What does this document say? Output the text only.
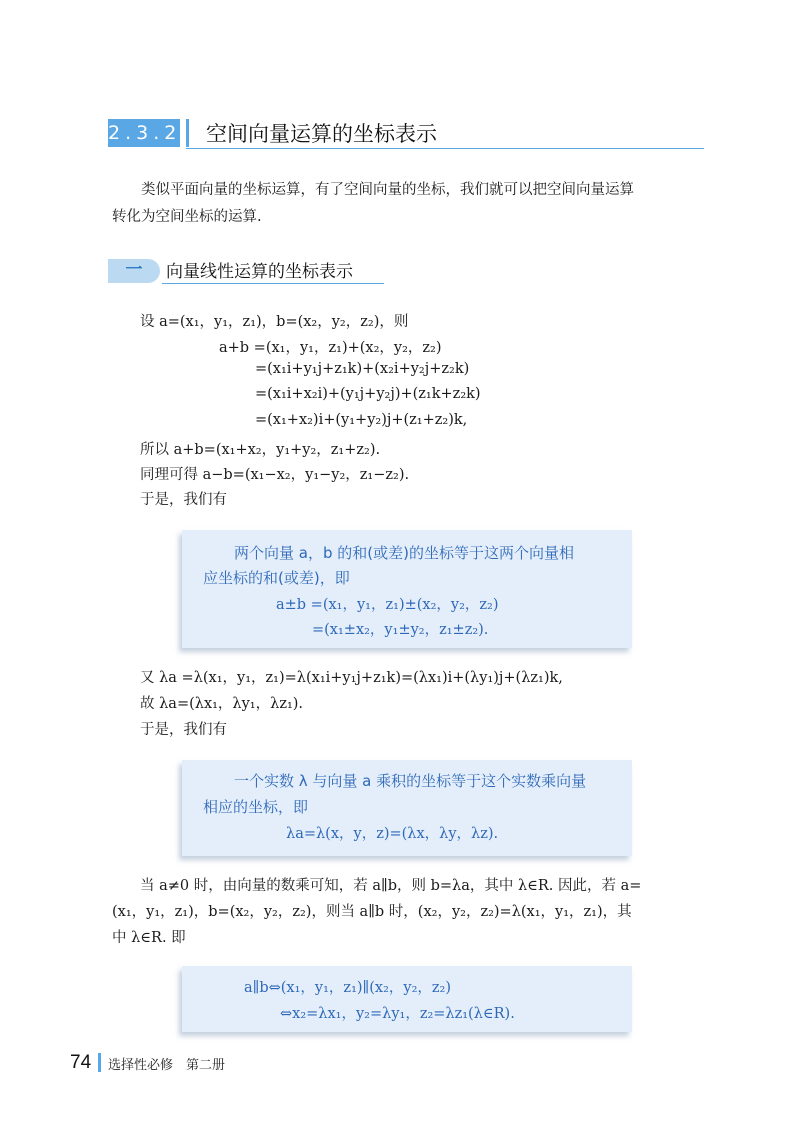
2.3.2 空间向量运算的坐标表示
类似平面向量的坐标运算，有了空间向量的坐标，我们就可以把空间向量运算
转化为空间坐标的运算.
一	向量线性运算的坐标表示
设 a=(x₁，y₁，z₁)，b=(x₂，y₂，z₂)，则
a+b =(x₁，y₁，z₁)+(x₂，y₂，z₂)
=(x₁i+y₁j+z₁k)+(x₂i+y₂j+z₂k)
=(x₁i+x₂i)+(y₁j+y₂j)+(z₁k+z₂k)
=(x₁+x₂)i+(y₁+y₂)j+(z₁+z₂)k,
所以 a+b=(x₁+x₂，y₁+y₂，z₁+z₂).
同理可得 a−b=(x₁−x₂，y₁−y₂，z₁−z₂).
于是，我们有
两个向量 a，b 的和(或差)的坐标等于这两个向量相
应坐标的和(或差)，即
a±b =(x₁，y₁，z₁)±(x₂，y₂，z₂)
=(x₁±x₂，y₁±y₂，z₁±z₂).
又 λa =λ(x₁，y₁，z₁)=λ(x₁i+y₁j+z₁k)=(λx₁)i+(λy₁)j+(λz₁)k,
故 λa=(λx₁，λy₁，λz₁).
于是，我们有
一个实数 λ 与向量 a 乘积的坐标等于这个实数乘向量
相应的坐标，即
λa=λ(x，y，z)=(λx，λy，λz).
当 a≠0 时，由向量的数乘可知，若 a∥b，则 b=λa，其中 λ∈R. 因此，若 a=
(x₁，y₁，z₁)，b=(x₂，y₂，z₂)，则当 a∥b 时，(x₂，y₂，z₂)=λ(x₁，y₁，z₁)，其
中 λ∈R. 即
a∥b⇔(x₁，y₁，z₁)∥(x₂，y₂，z₂)
⇔x₂=λx₁，y₂=λy₁，z₂=λz₁(λ∈R).
74 选择性必修　第二册
